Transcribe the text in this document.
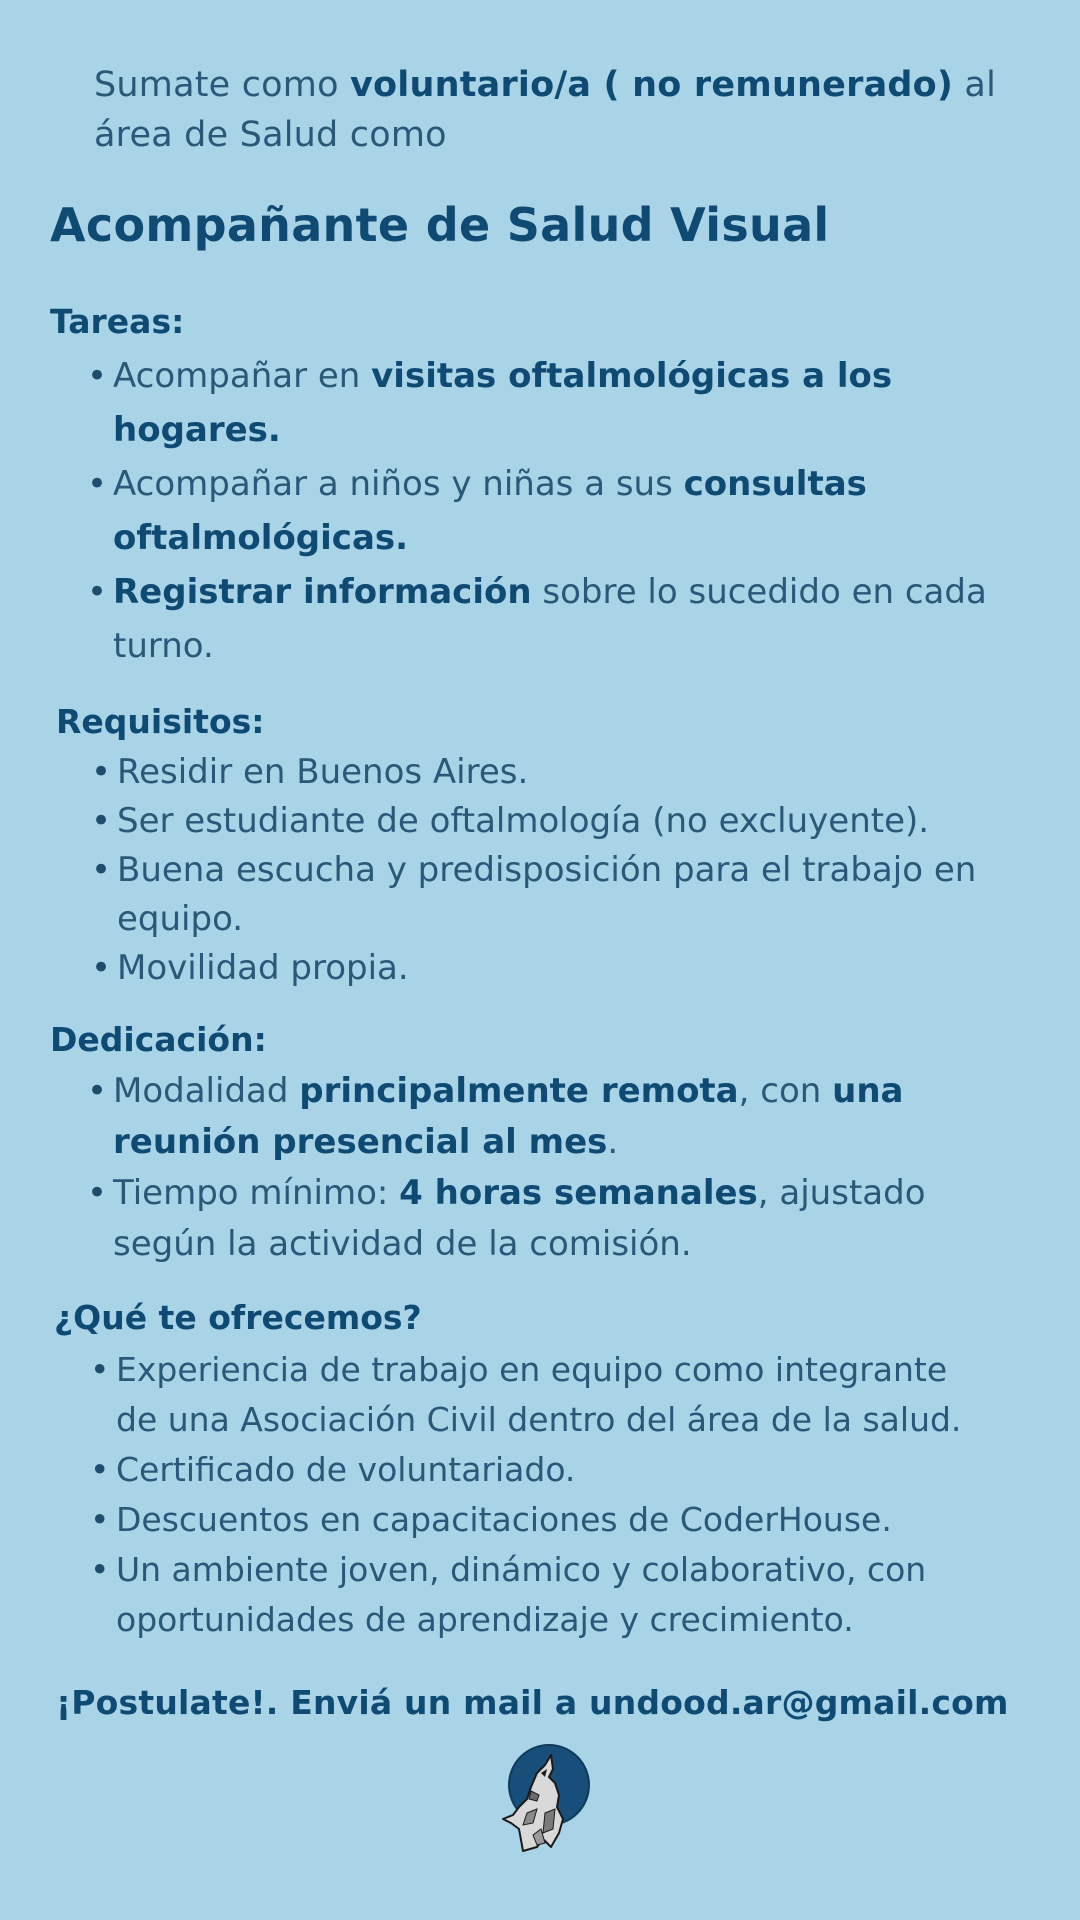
Sumate como voluntario/a ( no remunerado) al
área de Salud como
Acompañante de Salud Visual
Tareas:
• Acompañar en visitas oftalmológicas a los
hogares.
• Acompañar a niños y niñas a sus consultas
oftalmológicas.
• Registrar información sobre lo sucedido en cada
turno.
Requisitos:
• Residir en Buenos Aires.
• Ser estudiante de oftalmología (no excluyente).
• Buena escucha y predisposición para el trabajo en
equipo.
• Movilidad propia.
Dedicación:
• Modalidad principalmente remota, con una
reunión presencial al mes.
• Tiempo mínimo: 4 horas semanales, ajustado
según la actividad de la comisión.
¿Qué te ofrecemos?
• Experiencia de trabajo en equipo como integrante
de una Asociación Civil dentro del área de la salud.
• Certificado de voluntariado.
• Descuentos en capacitaciones de CoderHouse.
• Un ambiente joven, dinámico y colaborativo, con
oportunidades de aprendizaje y crecimiento.
¡Postulate!. Enviá un mail a undood.ar@gmail.com
